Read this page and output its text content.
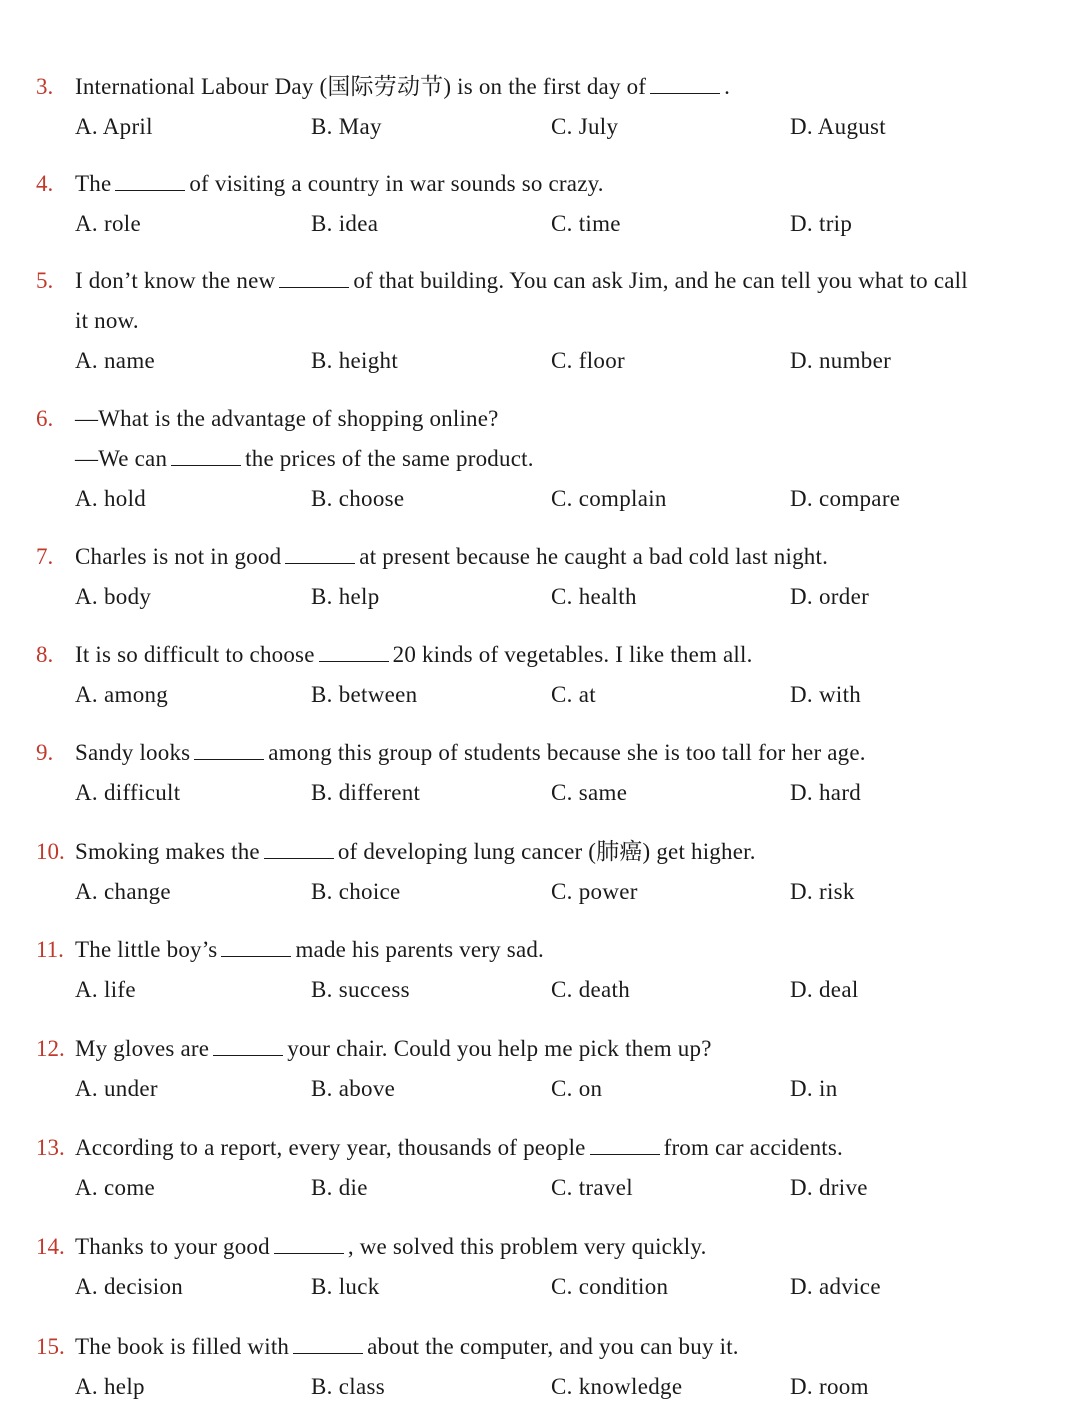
3. International Labour Day (国际劳动节) is on the first day of	.
A. April	B. May	C. July	D. August
4. The	of visiting a country in war sounds so crazy.
A. role	B. idea	C. time	D. trip
5. I don’t know the new	of that building. You can ask Jim, and he can tell you what to call
it now.
A. name	B. height	C. floor	D. number
6. —What is the advantage of shopping online?
—We can	the prices of the same product.
A. hold	B. choose	C. complain	D. compare
7. Charles is not in good	at present because he caught a bad cold last night.
A. body	B. help	C. health	D. order
8. It is so difficult to choose	20 kinds of vegetables. I like them all.
A. among	B. between	C. at	D. with
9. Sandy looks	among this group of students because she is too tall for her age.
A. difficult	B. different	C. same	D. hard
10. Smoking makes the	of developing lung cancer (肺癌) get higher.
A. change	B. choice	C. power	D. risk
11. The little boy’s	made his parents very sad.
A. life	B. success	C. death	D. deal
12. My gloves are	your chair. Could you help me pick them up?
A. under	B. above	C. on	D. in
13. According to a report, every year, thousands of people	from car accidents.
A. come	B. die	C. travel	D. drive
14. Thanks to your good	, we solved this problem very quickly.
A. decision	B. luck	C. condition	D. advice
15. The book is filled with	about the computer, and you can buy it.
A. help	B. class	C. knowledge	D. room
